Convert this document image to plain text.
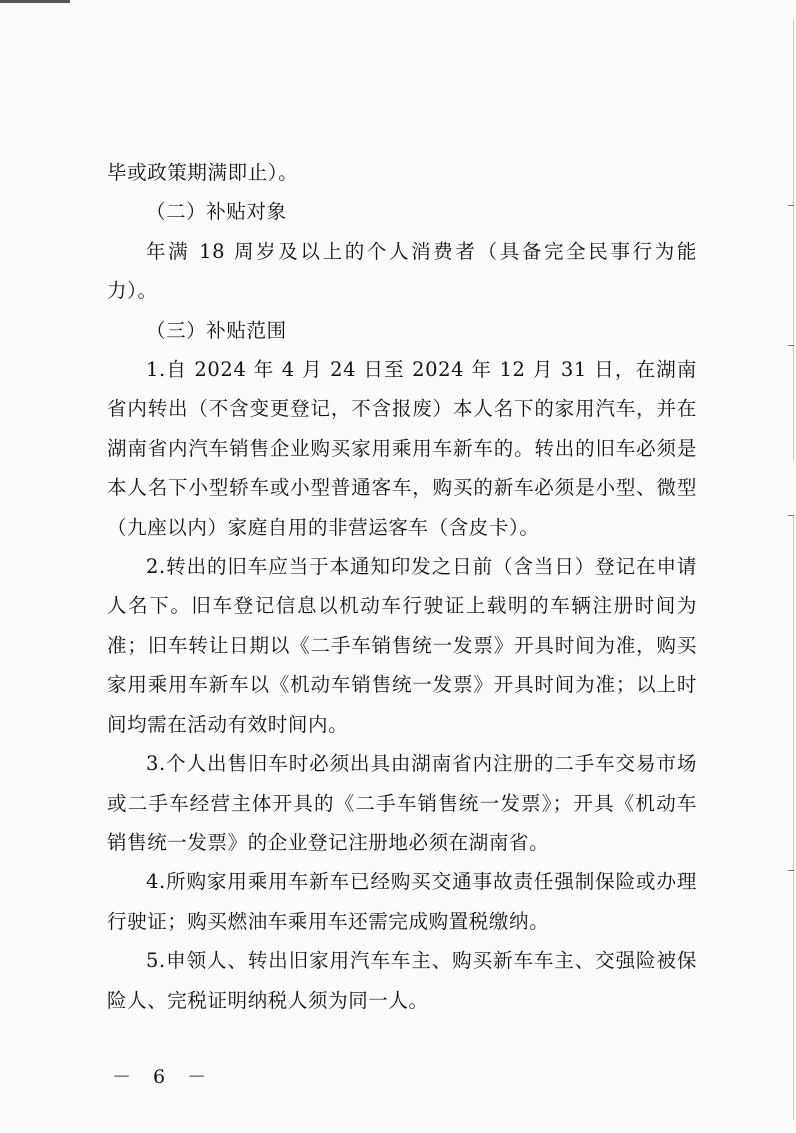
毕或政策期满即止）。

（二）补贴对象

年满 18 周岁及以上的个人消费者（具备完全民事行为能力）。

（三）补贴范围

1.自 2024 年 4 月 24 日至 2024 年 12 月 31 日，在湖南省内转出（不含变更登记，不含报废）本人名下的家用汽车，并在湖南省内汽车销售企业购买家用乘用车新车的。转出的旧车必须是本人名下小型轿车或小型普通客车，购买的新车必须是小型、微型（九座以内）家庭自用的非营运客车（含皮卡）。

2.转出的旧车应当于本通知印发之日前（含当日）登记在申请人名下。旧车登记信息以机动车行驶证上载明的车辆注册时间为准；旧车转让日期以《二手车销售统一发票》开具时间为准，购买家用乘用车新车以《机动车销售统一发票》开具时间为准；以上时间均需在活动有效时间内。

3.个人出售旧车时必须出具由湖南省内注册的二手车交易市场或二手车经营主体开具的《二手车销售统一发票》；开具《机动车销售统一发票》的企业登记注册地必须在湖南省。

4.所购家用乘用车新车已经购买交通事故责任强制保险或办理行驶证；购买燃油车乘用车还需完成购置税缴纳。

5.申领人、转出旧家用汽车车主、购买新车车主、交强险被保险人、完税证明纳税人须为同一人。

－ 6 －
